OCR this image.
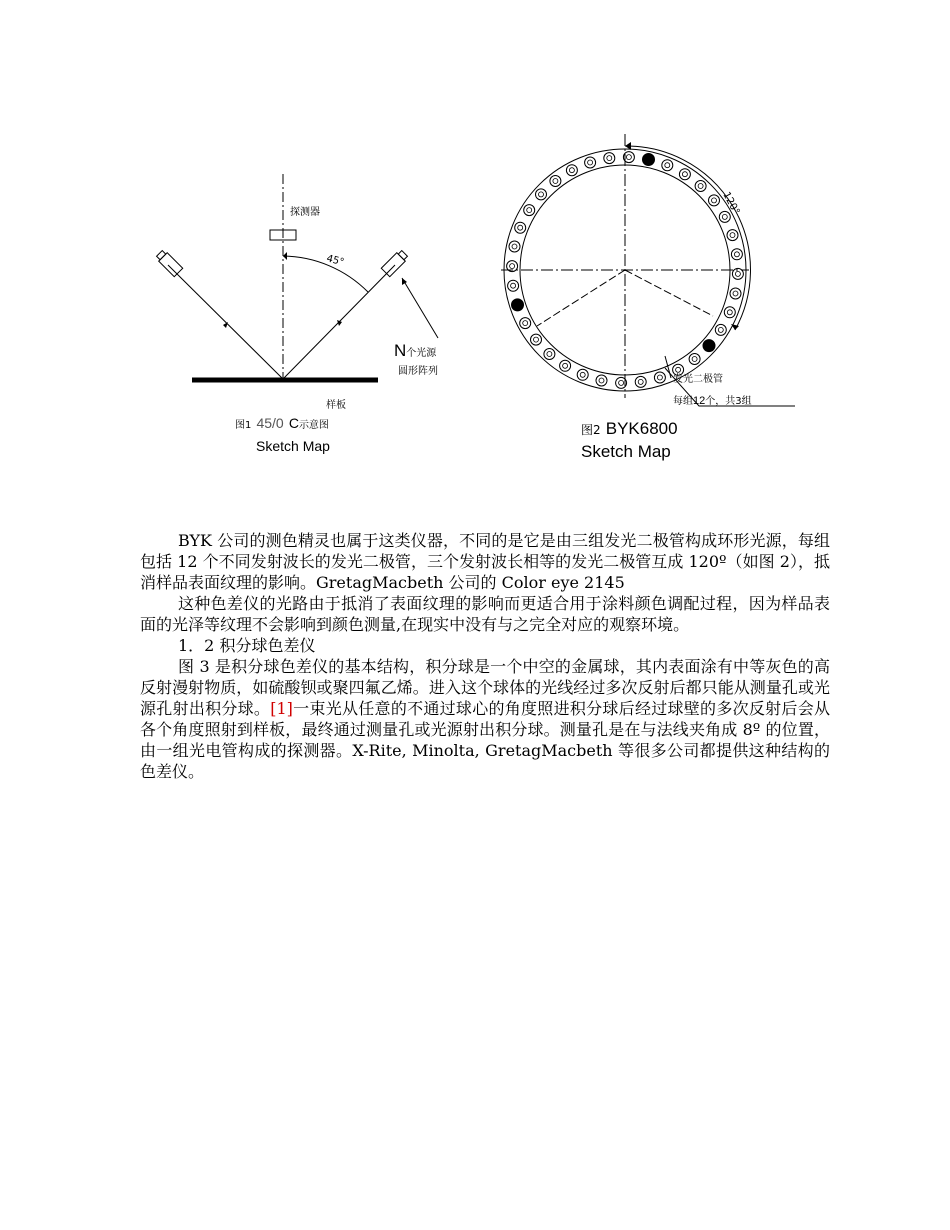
探测器
45°
N个光源
圆形阵列
样板
图1 45/0 C示意图
Sketch Map
120°
发光二极管
每组12个，共3组
图2 BYK6800
Sketch Map

BYK 公司的测色精灵也属于这类仪器，不同的是它是由三组发光二极管构成环形光源，每组包括 12 个不同发射波长的发光二极管，三个发射波长相等的发光二极管互成 120º（如图 2），抵消样品表面纹理的影响。GretagMacbeth 公司的 Color eye 2145

这种色差仪的光路由于抵消了表面纹理的影响而更适合用于涂料颜色调配过程，因为样品表面的光泽等纹理不会影响到颜色测量,在现实中没有与之完全对应的观察环境。

1．2 积分球色差仪

图 3 是积分球色差仪的基本结构，积分球是一个中空的金属球，其内表面涂有中等灰色的高反射漫射物质，如硫酸钡或聚四氟乙烯。进入这个球体的光线经过多次反射后都只能从测量孔或光源孔射出积分球。[1]一束光从任意的不通过球心的角度照进积分球后经过球壁的多次反射后会从各个角度照射到样板，最终通过测量孔或光源射出积分球。测量孔是在与法线夹角成 8º 的位置，由一组光电管构成的探测器。X-Rite, Minolta, GretagMacbeth 等很多公司都提供这种结构的色差仪。
